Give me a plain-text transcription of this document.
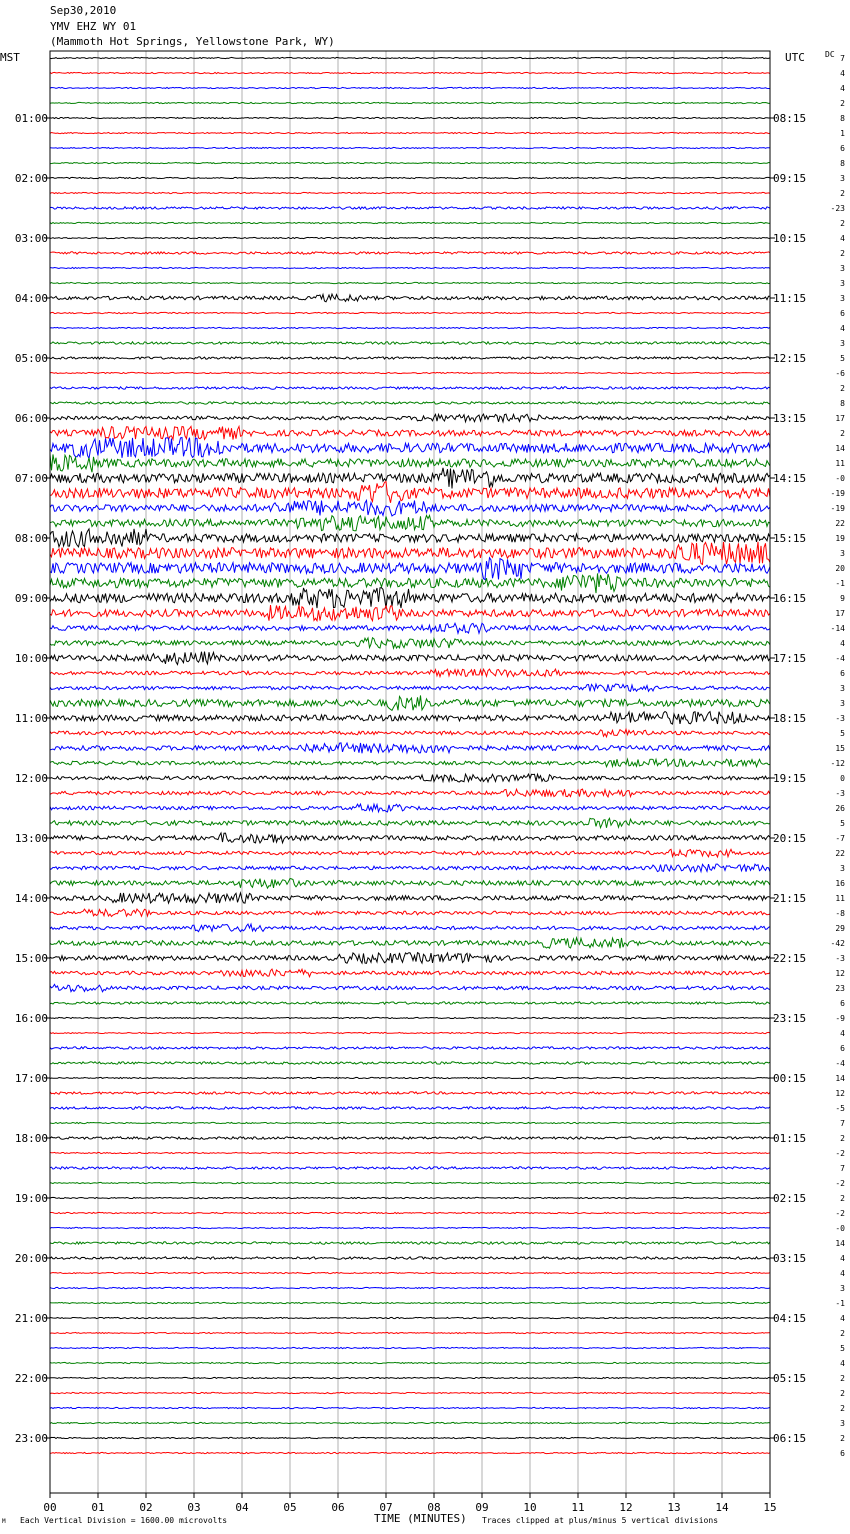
Sep30,2010
YMV EHZ WY 01
(Mammoth Hot Springs, Yellowstone Park, WY)
00	01	02	03	04	05	06	07	08	09	10	11	12	13	14	15
7
4
4
2
8
1
6
8
3
2
-23
2
4
2
3
3
3
6
4
3
5
-6
2
8
17
2
14
11
-0
-19
-19
22
19
3
20
-1
9
17
-14
4
-4
6
3
3
-3
5
15
-12
0
-3
26
5
-7
22
3
16
11
-8
29
-42
-3
12
23
6
-9
4
6
-4
14
12
-5
7
2
-2
7
-2
2
-2
-0
14
4
4
3
-1
4
2
5
4
2
2
2
3
2
6
01:00	08:15
02:00	09:15
03:00	10:15
04:00	11:15
05:00	12:15
06:00	13:15
07:00	14:15
08:00	15:15
09:00	16:15
10:00	17:15
11:00	18:15
12:00	19:15
13:00	20:15
14:00	21:15
15:00	22:15
16:00	23:15
17:00	00:15
18:00	01:15
19:00	02:15
20:00	03:15
21:00	04:15
22:00	05:15
23:00	06:15
MST	UTC	DC
M Each Vertical Division = 1600.00 microvolts	TIME (MINUTES) Traces clipped at plus/minus 5 vertical divisions
